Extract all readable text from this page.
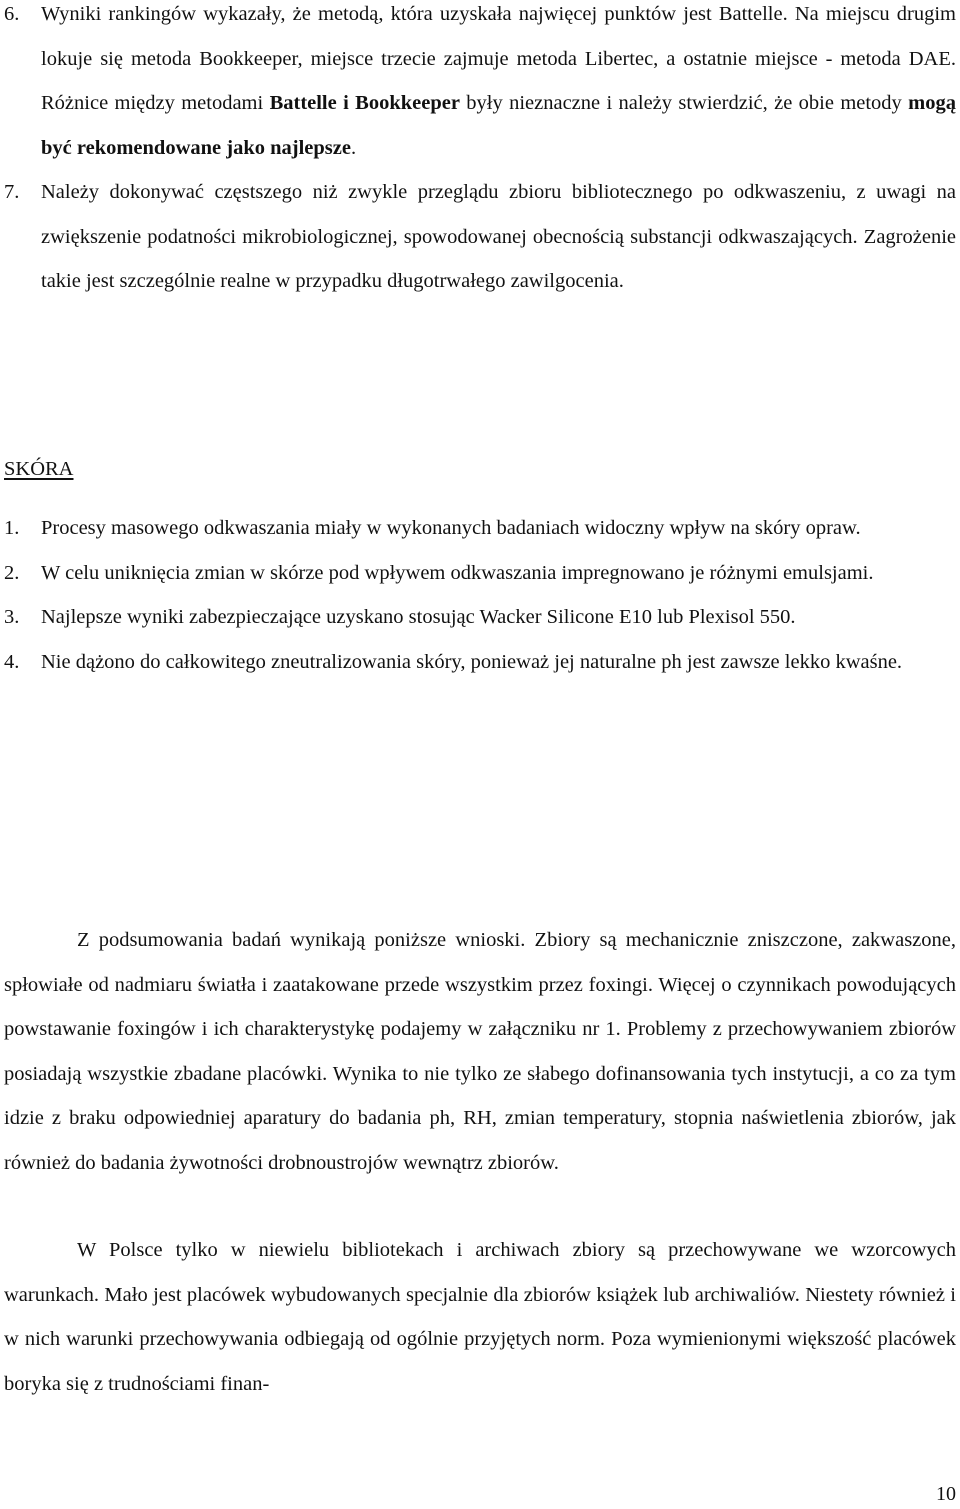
6. Wyniki rankingów wykazały, że metodą, która uzyskała najwięcej punktów jest Battelle. Na miejscu drugim lokuje się metoda Bookkeeper, miejsce trzecie zajmuje metoda Libertec, a ostatnie miejsce - metoda DAE. Różnice między metodami Battelle i Bookkeeper były nieznaczne i należy stwierdzić, że obie metody mogą być rekomendowane jako najlepsze.
7. Należy dokonywać częstszego niż zwykle przeglądu zbioru bibliotecznego po odkwaszeniu, z uwagi na zwiększenie podatności mikrobiologicznej, spowodowanej obecnością substancji odkwaszających. Zagrożenie takie jest szczególnie realne w przypadku długotrwałego zawilgocenia.
SKÓRA
1. Procesy masowego odkwaszania miały w wykonanych badaniach widoczny wpływ na skóry opraw.
2. W celu uniknięcia zmian w skórze pod wpływem odkwaszania impregnowano je różnymi emulsjami.
3. Najlepsze wyniki zabezpieczające uzyskano stosując Wacker Silicone E10 lub Plexisol 550.
4. Nie dążono do całkowitego zneutralizowania skóry, ponieważ jej naturalne ph jest zawsze lekko kwaśne.

Z podsumowania badań wynikają poniższe wnioski. Zbiory są mechanicznie zniszczone, zakwaszone, spłowiałe od nadmiaru światła i zaatakowane przede wszystkim przez foxingi. Więcej o czynnikach powodujących powstawanie foxingów i ich charakterystykę podajemy w załączniku nr 1. Problemy z przechowywaniem zbiorów posiadają wszystkie zbadane placówki. Wynika to nie tylko ze słabego dofinansowania tych instytucji, a co za tym idzie z braku odpowiedniej aparatury do badania ph, RH, zmian temperatury, stopnia naświetlenia zbiorów, jak również do badania żywotności drobnoustrojów wewnątrz zbiorów.

W Polsce tylko w niewielu bibliotekach i archiwach zbiory są przechowywane we wzorcowych warunkach. Mało jest placówek wybudowanych specjalnie dla zbiorów książek lub archiwaliów. Niestety również i w nich warunki przechowywania odbiegają od ogólnie przyjętych norm. Poza wymienionymi większość placówek boryka się z trudnościami finan-

10
